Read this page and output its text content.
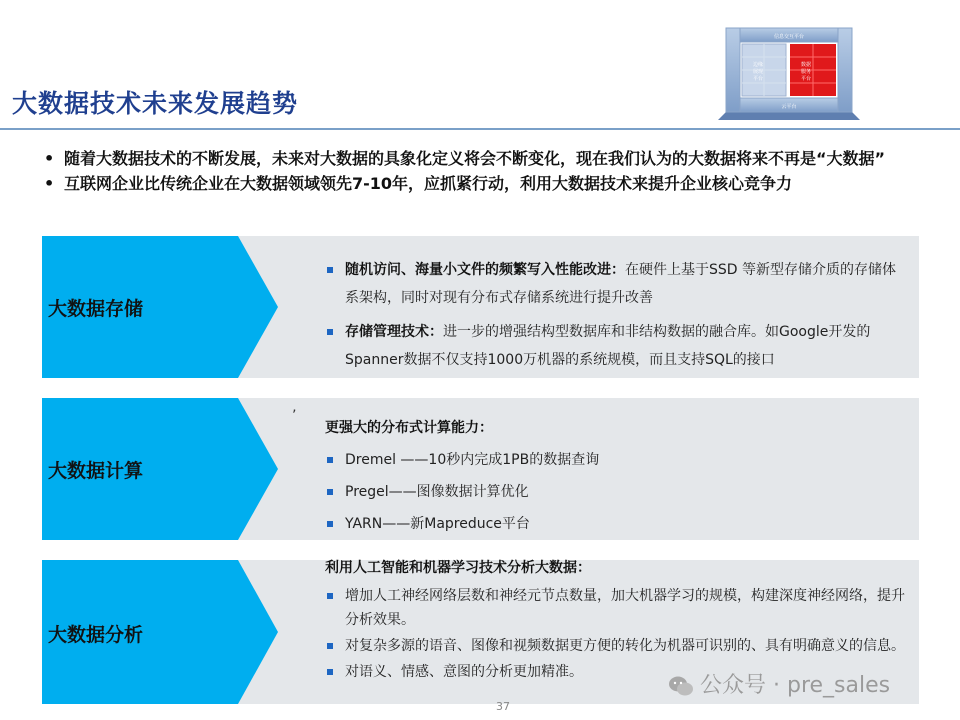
信息交互平台
云平台
边缘展现平台
数据服务平台
大数据技术未来发展趋势
• 随着大数据技术的不断发展，未来对大数据的具象化定义将会不断变化，现在我们认为的大数据将来不再是“大数据”
• 互联网企业比传统企业在大数据领域领先7-10年，应抓紧行动，利用大数据技术来提升企业核心竞争力
大数据存储
随机访问、海量小文件的频繁写入性能改进：在硬件上基于SSD 等新型存储介质的存储体系架构，同时对现有分布式存储系统进行提升改善
存储管理技术：进一步的增强结构型数据库和非结构数据的融合库。如Google开发的Spanner数据不仅支持1000万机器的系统规模，而且支持SQL的接口
大数据计算
更强大的分布式计算能力：
Dremel ——10秒内完成1PB的数据查询
Pregel——图像数据计算优化
YARN——新Mapreduce平台
’
大数据分析
利用人工智能和机器学习技术分析大数据：
增加人工神经网络层数和神经元节点数量，加大机器学习的规模，构建深度神经网络，提升分析效果。
对复杂多源的语音、图像和视频数据更方便的转化为机器可识别的、具有明确意义的信息。
对语义、情感、意图的分析更加精准。
37
公众号 · pre_sales
